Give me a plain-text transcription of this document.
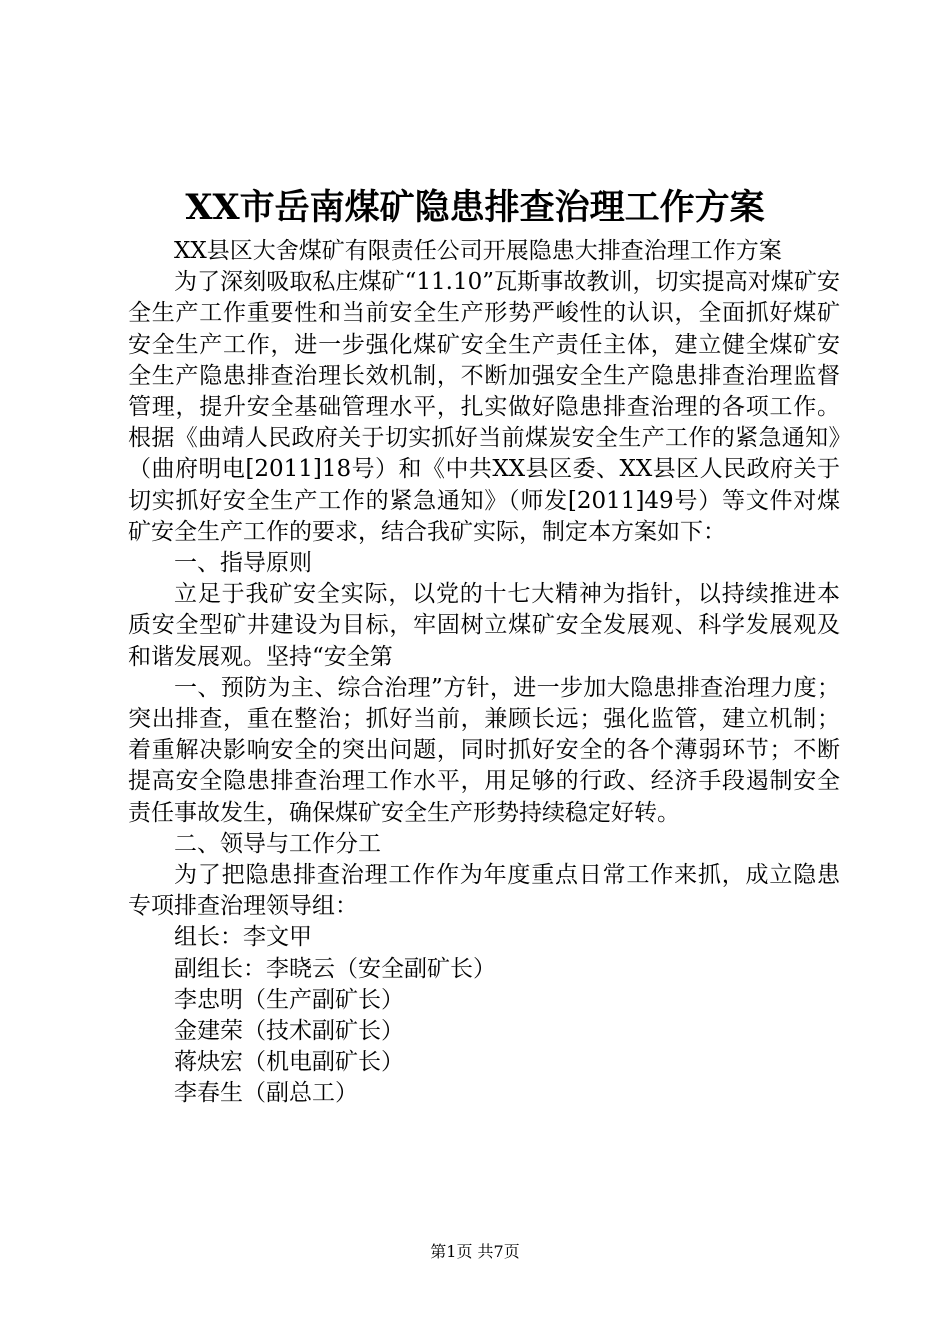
XX市岳南煤矿隐患排查治理工作方案

XX县区大舍煤矿有限责任公司开展隐患大排查治理工作方案

为了深刻吸取私庄煤矿“11.10”瓦斯事故教训，切实提高对煤矿安全生产工作重要性和当前安全生产形势严峻性的认识，全面抓好煤矿安全生产工作，进一步强化煤矿安全生产责任主体，建立健全煤矿安全生产隐患排查治理长效机制，不断加强安全生产隐患排查治理监督管理，提升安全基础管理水平，扎实做好隐患排查治理的各项工作。根据《曲靖人民政府关于切实抓好当前煤炭安全生产工作的紧急通知》（曲府明电[2011]18号）和《中共XX县区委、XX县区人民政府关于切实抓好安全生产工作的紧急通知》（师发[2011]49号）等文件对煤矿安全生产工作的要求，结合我矿实际，制定本方案如下：

一、指导原则

立足于我矿安全实际，以党的十七大精神为指针，以持续推进本质安全型矿井建设为目标，牢固树立煤矿安全发展观、科学发展观及和谐发展观。坚持“安全第

一、预防为主、综合治理”方针，进一步加大隐患排查治理力度；突出排查，重在整治；抓好当前，兼顾长远；强化监管，建立机制；着重解决影响安全的突出问题，同时抓好安全的各个薄弱环节；不断提高安全隐患排查治理工作水平，用足够的行政、经济手段遏制安全责任事故发生，确保煤矿安全生产形势持续稳定好转。

二、领导与工作分工

为了把隐患排查治理工作作为年度重点日常工作来抓，成立隐患专项排查治理领导组：

组长：李文甲

副组长：李晓云（安全副矿长）

李忠明（生产副矿长）

金建荣（技术副矿长）

蒋炔宏（机电副矿长）

李春生（副总工）

第1页 共7页
